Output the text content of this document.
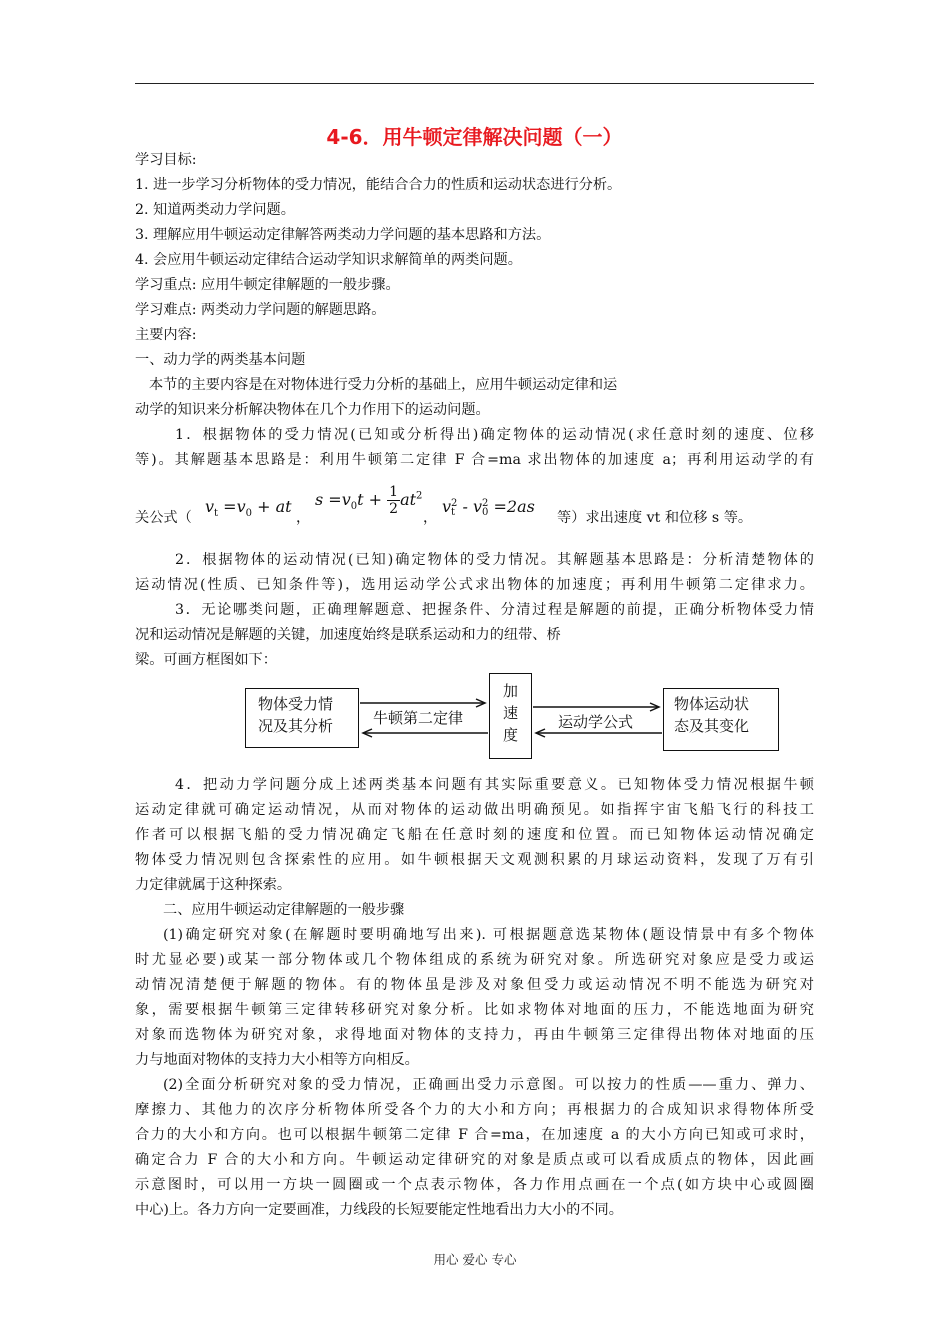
4-6．用牛顿定律解决问题（一）
学习目标:
1. 进一步学习分析物体的受力情况，能结合合力的性质和运动状态进行分析。
2. 知道两类动力学问题。
3. 理解应用牛顿运动定律解答两类动力学问题的基本思路和方法。
4. 会应用牛顿运动定律结合运动学知识求解简单的两类问题。
学习重点: 应用牛顿定律解题的一般步骤。
学习难点: 两类动力学问题的解题思路。
主要内容:
一、动力学的两类基本问题
本节的主要内容是在对物体进行受力分析的基础上，应用牛顿运动定律和运
动学的知识来分析解决物体在几个力作用下的运动问题。
1．根据物体的受力情况(已知或分析得出)确定物体的运动情况(求任意时刻的速度、位移
等)。其解题基本思路是：利用牛顿第二定律 F 合=ma 求出物体的加速度 a；再利用运动学的有
关公式（
$v_t =v_0$ + at
，
$s =v_0t + \frac{1}{2} at^2$
，
v 2
t - v 2
0 =2as
等）求出速度 vt 和位移 s 等。
2．根据物体的运动情况(已知)确定物体的受力情况。其解题基本思路是：分析清楚物体的
运动情况(性质、已知条件等)，选用运动学公式求出物体的加速度；再利用牛顿第二定律求力。
3．无论哪类问题，正确理解题意、把握条件、分清过程是解题的前提，正确分析物体受力情
况和运动情况是解题的关键，加速度始终是联系运动和力的纽带、桥
梁。可画方框图如下：
物体受力情
况及其分析
加
速
度
物体运动状
态及其变化
牛顿第二定律	运动学公式
4．把动力学问题分成上述两类基本问题有其实际重要意义。已知物体受力情况根据牛顿
运动定律就可确定运动情况，从而对物体的运动做出明确预见。如指挥宇宙飞船飞行的科技工
作者可以根据飞船的受力情况确定飞船在任意时刻的速度和位置。而已知物体运动情况确定
物体受力情况则包含探索性的应用。如牛顿根据天文观测积累的月球运动资料，发现了万有引
力定律就属于这种探索。
二、应用牛顿运动定律解题的一般步骤
(1)确定研究对象(在解题时要明确地写出来). 可根据题意选某物体(题设情景中有多个物体
时尤显必要)或某一部分物体或几个物体组成的系统为研究对象。所选研究对象应是受力或运
动情况清楚便于解题的物体。有的物体虽是涉及对象但受力或运动情况不明不能选为研究对
象，需要根据牛顿第三定律转移研究对象分析。比如求物体对地面的压力，不能选地面为研究
对象而选物体为研究对象，求得地面对物体的支持力，再由牛顿第三定律得出物体对地面的压
力与地面对物体的支持力大小相等方向相反。
(2)全面分析研究对象的受力情况，正确画出受力示意图。可以按力的性质——重力、弹力、
摩擦力、其他力的次序分析物体所受各个力的大小和方向；再根据力的合成知识求得物体所受
合力的大小和方向。也可以根据牛顿第二定律 F 合=ma，在加速度 a 的大小方向已知或可求时，
确定合力 F 合的大小和方向。牛顿运动定律研究的对象是质点或可以看成质点的物体，因此画
示意图时，可以用一方块一圆圈或一个点表示物体，各力作用点画在一个点(如方块中心或圆圈
中心)上。各力方向一定要画准，力线段的长短要能定性地看出力大小的不同。
用心 爱心 专心
